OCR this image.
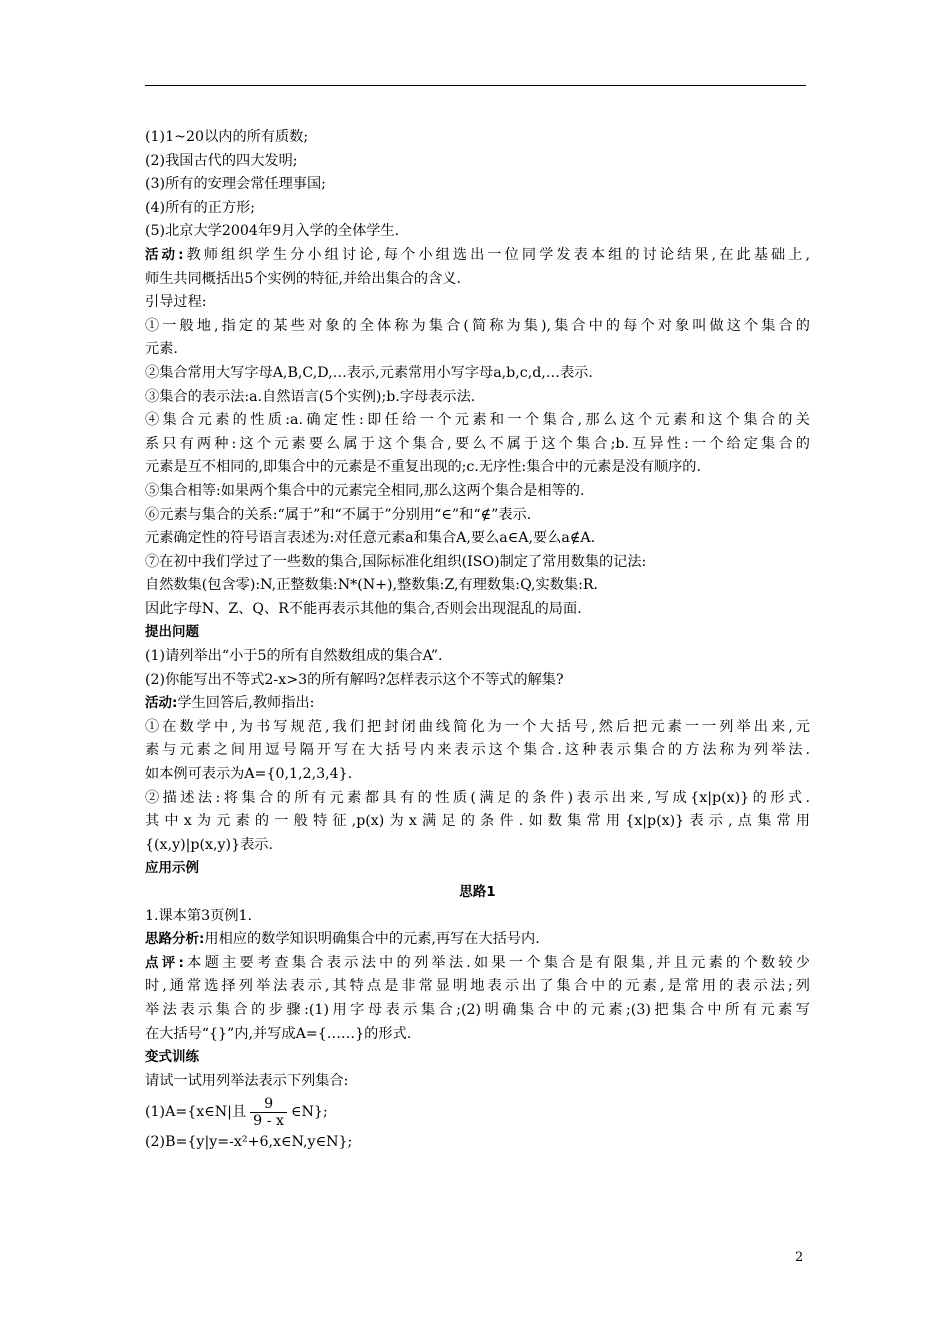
(1)1~20以内的所有质数;
(2)我国古代的四大发明;
(3)所有的安理会常任理事国;
(4)所有的正方形;
(5)北京大学2004年9月入学的全体学生.
活动:教师组织学生分小组讨论,每个小组选出一位同学发表本组的讨论结果,在此基础上,
师生共同概括出5个实例的特征,并给出集合的含义.
引导过程:
①一般地,指定的某些对象的全体称为集合(简称为集),集合中的每个对象叫做这个集合的
元素.
②集合常用大写字母A,B,C,D,…表示,元素常用小写字母a,b,c,d,…表示.
③集合的表示法:a.自然语言(5个实例);b.字母表示法.
④集合元素的性质:a.确定性:即任给一个元素和一个集合,那么这个元素和这个集合的关
系只有两种:这个元素要么属于这个集合,要么不属于这个集合;b.互异性:一个给定集合的
元素是互不相同的,即集合中的元素是不重复出现的;c.无序性:集合中的元素是没有顺序的.
⑤集合相等:如果两个集合中的元素完全相同,那么这两个集合是相等的.
⑥元素与集合的关系:“属于”和“不属于”分别用“∈”和“∉”表示.
元素确定性的符号语言表述为:对任意元素a和集合A,要么a∈A,要么a∉A.
⑦在初中我们学过了一些数的集合,国际标准化组织(ISO)制定了常用数集的记法:
自然数集(包含零):N,正整数集:N*(N+),整数集:Z,有理数集:Q,实数集:R.
因此字母N、Z、Q、R不能再表示其他的集合,否则会出现混乱的局面.
提出问题
(1)请列举出“小于5的所有自然数组成的集合A”.
(2)你能写出不等式2-x>3的所有解吗?怎样表示这个不等式的解集?
活动:学生回答后,教师指出:
①在数学中,为书写规范,我们把封闭曲线简化为一个大括号,然后把元素一一列举出来,元
素与元素之间用逗号隔开写在大括号内来表示这个集合.这种表示集合的方法称为列举法.
如本例可表示为A={0,1,2,3,4}.
②描述法:将集合的所有元素都具有的性质(满足的条件)表示出来,写成{x|p(x)}的形式.
其中x为元素的一般特征,p(x)为x满足的条件.如数集常用{x|p(x)}表示,点集常用
{(x,y)|p(x,y)}表示.
应用示例
思路1
1.课本第3页例1.
思路分析:用相应的数学知识明确集合中的元素,再写在大括号内.
点评:本题主要考查集合表示法中的列举法.如果一个集合是有限集,并且元素的个数较少
时,通常选择列举法表示,其特点是非常显明地表示出了集合中的元素,是常用的表示法;列
举法表示集合的步骤:(1)用字母表示集合;(2)明确集合中的元素;(3)把集合中所有元素写
在大括号“{}”内,并写成A={……}的形式.
变式训练
请试一试用列举法表示下列集合:
(1)A={x∈N|且 $\frac{9}{9 - x}$ ∈N};
(2)B={y|y=-x²+6,x∈N,y∈N};
2
